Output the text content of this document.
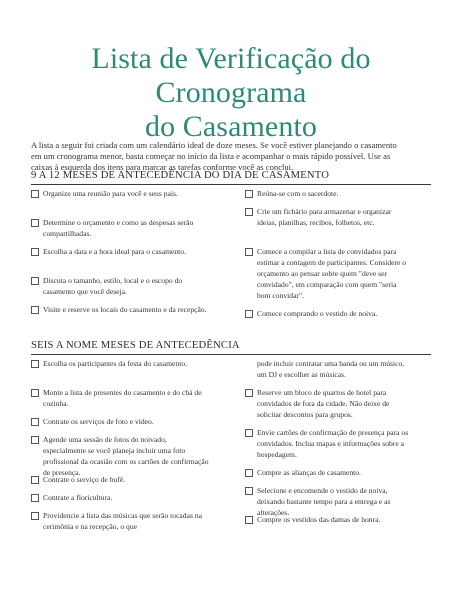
Lista de Verificação do Cronograma
do Casamento

A lista a seguir foi criada com um calendário ideal de doze meses. Se você estiver planejando o casamento em um cronograma menor, basta começar no início da lista e acompanhar o mais rápido possível. Use as caixas à esquerda dos itens para marcar as tarefas conforme você as conclui.

9 A 12 MESES DE ANTECEDÊNCIA DO DIA DE CASAMENTO
Organize uma reunião para você e seus pais.
Determine o orçamento e como as despesas serão compartilhadas.
Escolha a data e a hora ideal para o casamento.
Discuta o tamanho, estilo, local e o escopo do casamento que você deseja.
Visite e reserve os locais do casamento e da recepção.
Reúna-se com o sacerdote.
Crie um fichário para armazenar e organizar ideias, planilhas, recibos, folhetos, etc.
Comece a compilar a lista de convidados para estimar a contagem de participantes. Considere o orçamento ao pensar sobre quem "deve ser convidado", em comparação com quem "seria bom convidar".
Comece comprando o vestido de noiva.
SEIS A NOME MESES DE ANTECEDÊNCIA
Escolha os participantes da festa do casamento.
Monte a lista de presentes do casamento e do chá de cozinha.
Contrate os serviços de foto e vídeo.
Agende uma sessão de fotos do noivado, especialmente se você planeja incluir uma foto profissional da ocasião com os cartões de confirmação de presença.
Contrate o serviço de bufê.
Contrate a floricultura.
Providencie a lista das músicas que serão tocadas na cerimônia e na recepção, o que
pode incluir contratar uma banda ou um músico, um DJ e escolher as músicas.
Reserve um bloco de quartos de hotel para convidados de fora da cidade. Não deixe de solicitar descontos para grupos.
Envie cartões de confirmação de presença para os convidados. Inclua mapas e informações sobre a hospedagem.
Compre as alianças de casamento.
Selecione e encomende o vestido de noiva, deixando bastante tempo para a entrega e as alterações.
Compre os vestidos das damas de honra.
